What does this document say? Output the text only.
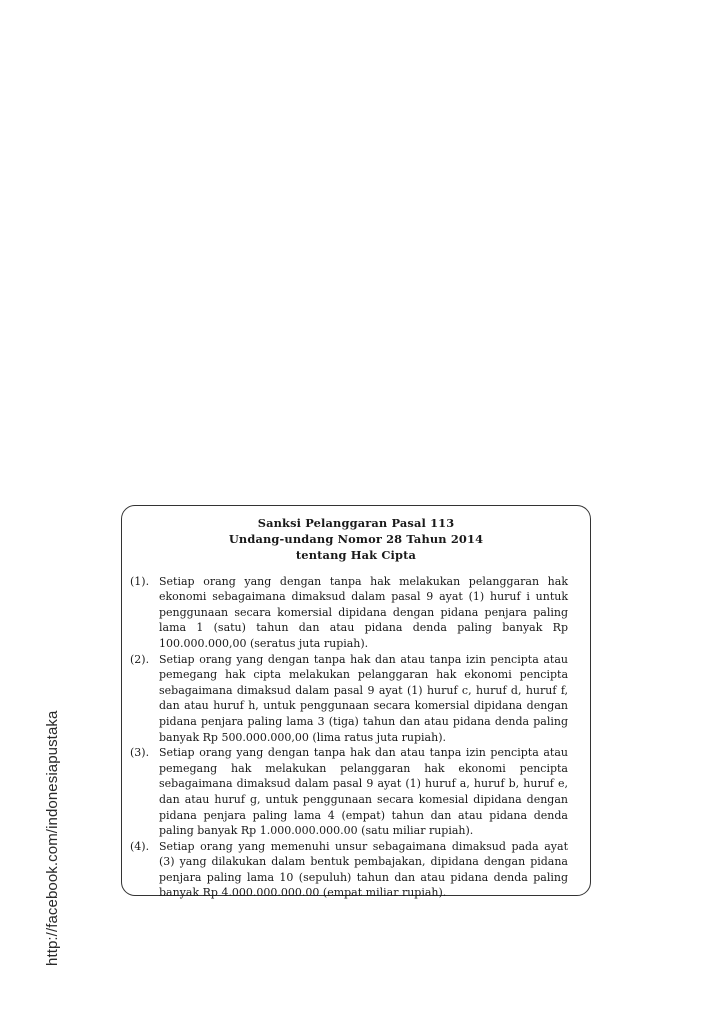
http://facebook.com/indonesiapustaka
Sanksi Pelanggaran Pasal 113
Undang-undang Nomor 28 Tahun 2014
tentang Hak Cipta
(1). Setiap orang yang dengan tanpa hak melakukan pelanggaran hak ekonomi sebagaimana dimaksud dalam pasal 9 ayat (1) huruf i untuk penggunaan secara komersial dipidana dengan pidana penjara paling lama 1 (satu) tahun dan atau pidana denda paling banyak Rp 100.000.000,00 (seratus juta rupiah).
(2). Setiap orang yang dengan tanpa hak dan atau tanpa izin pencipta atau pemegang hak cipta melakukan pelanggaran hak ekonomi pencipta sebagaimana dimaksud dalam pasal 9 ayat (1) huruf c, huruf d, huruf f, dan atau huruf h, untuk penggunaan secara komersial dipidana dengan pidana penjara paling lama 3 (tiga) tahun dan atau pidana denda paling banyak Rp 500.000.000,00 (lima ratus juta rupiah).
(3). Setiap orang yang dengan tanpa hak dan atau tanpa izin pencipta atau pemegang hak melakukan pelanggaran hak ekonomi pencipta sebagaimana dimaksud dalam pasal 9 ayat (1) huruf a, huruf b, huruf e, dan atau huruf g, untuk penggunaan secara komesial dipidana dengan pidana penjara paling lama 4 (empat) tahun dan atau pidana denda paling banyak Rp 1.000.000.000.00 (satu miliar rupiah).
(4). Setiap orang yang memenuhi unsur sebagaimana dimaksud pada ayat (3) yang dilakukan dalam bentuk pembajakan, dipidana dengan pidana penjara paling lama 10 (sepuluh) tahun dan atau pidana denda paling banyak Rp 4.000.000.000.00 (empat miliar rupiah).
